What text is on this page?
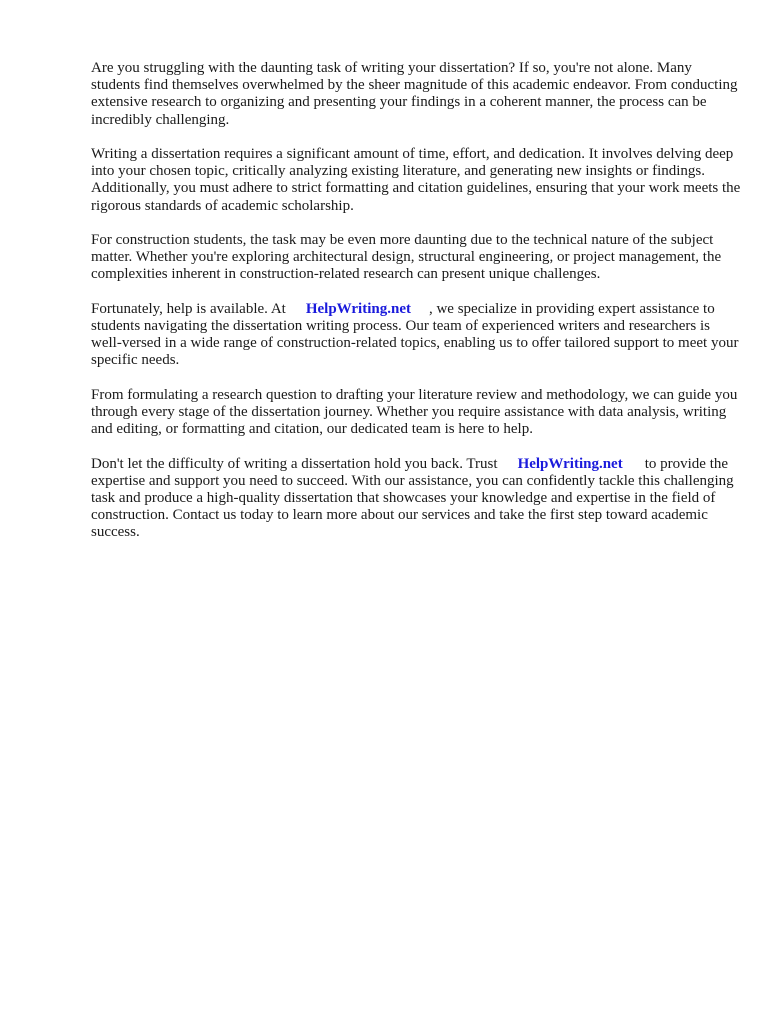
Are you struggling with the daunting task of writing your dissertation? If so, you're not alone. Many students find themselves overwhelmed by the sheer magnitude of this academic endeavor. From conducting extensive research to organizing and presenting your findings in a coherent manner, the process can be incredibly challenging.

Writing a dissertation requires a significant amount of time, effort, and dedication. It involves delving deep into your chosen topic, critically analyzing existing literature, and generating new insights or findings. Additionally, you must adhere to strict formatting and citation guidelines, ensuring that your work meets the rigorous standards of academic scholarship.

For construction students, the task may be even more daunting due to the technical nature of the subject matter. Whether you're exploring architectural design, structural engineering, or project management, the complexities inherent in construction-related research can present unique challenges.

Fortunately, help is available. At HelpWriting.net , we specialize in providing expert assistance to students navigating the dissertation writing process. Our team of experienced writers and researchers is well-versed in a wide range of construction-related topics, enabling us to offer tailored support to meet your specific needs.

From formulating a research question to drafting your literature review and methodology, we can guide you through every stage of the dissertation journey. Whether you require assistance with data analysis, writing and editing, or formatting and citation, our dedicated team is here to help.

Don't let the difficulty of writing a dissertation hold you back. Trust HelpWriting.net to provide the expertise and support you need to succeed. With our assistance, you can confidently tackle this challenging task and produce a high-quality dissertation that showcases your knowledge and expertise in the field of construction. Contact us today to learn more about our services and take the first step toward academic success.
